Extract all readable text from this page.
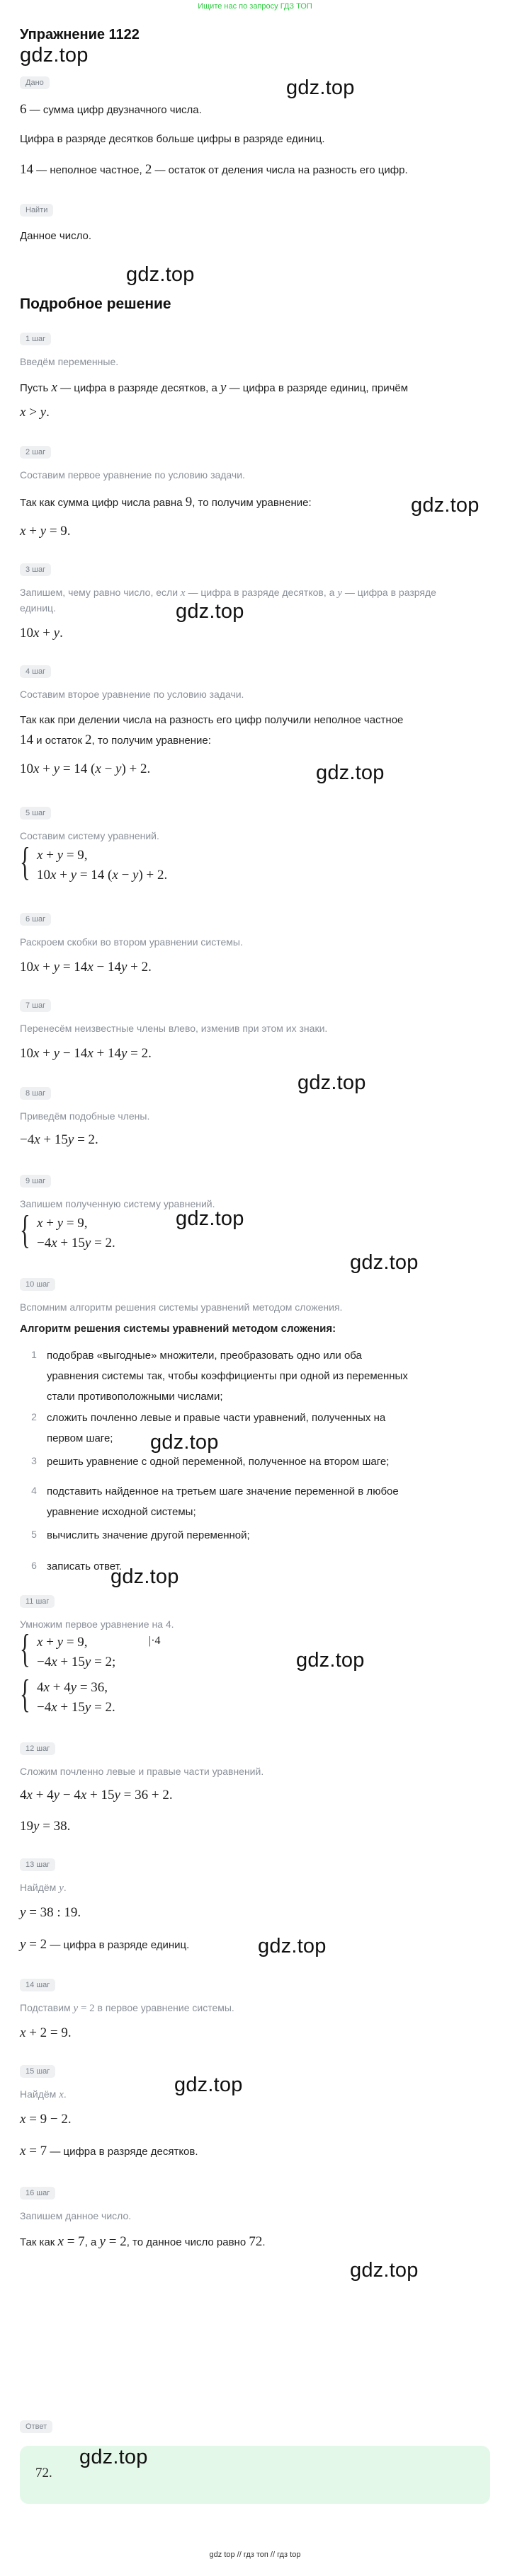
Ищите нас по запросу ГДЗ ТОП
Упражнение 1122
gdz.top
Дано	gdz.top
6 — сумма цифр двузначного числа.
Цифра в разряде десятков больше цифры в разряде единиц.
14 — неполное частное, 2 — остаток от деления числа на разность его цифр.
Найти
Данное число.
gdz.top
Подробное решение
1 шаг
Введём переменные.
Пусть x — цифра в разряде десятков, а y — цифра в разряде единиц, причём
x > y.
2 шаг
Составим первое уравнение по условию задачи.
gdz.top
Так как сумма цифр числа равна 9, то получим уравнение:
x + y = 9.
3 шаг
Запишем, чему равно число, если x — цифра в разряде десятков, а y — цифра в разряде
единиц.	gdz.top
10x + y.
4 шаг
Составим второе уравнение по условию задачи.
Так как при делении числа на разность его цифр получили неполное частное
14 и остаток 2, то получим уравнение:
10x + y = 14 (x − y) + 2.	gdz.top
5 шаг
Составим систему уравнений.
{ x + y = 9,
10x + y = 14 (x − y) + 2.
6 шаг
Раскроем скобки во втором уравнении системы.
10x + y = 14x − 14y + 2.
7 шаг
Перенесём неизвестные члены влево, изменив при этом их знаки.
10x + y − 14x + 14y = 2.
gdz.top
8 шаг
Приведём подобные члены.
−4x + 15y = 2.
9 шаг
Запишем полученную систему уравнений.
gdz.top
{ x + y = 9,
−4x + 15y = 2.
gdz.top
10 шаг
Вспомним алгоритм решения системы уравнений методом сложения.
Алгоритм решения системы уравнений методом сложения:
1 подобрав «выгодные» множители, преобразовать одно или оба
уравнения системы так, чтобы коэффициенты при одной из переменных
стали противоположными числами;
2 сложить почленно левые и правые части уравнений, полученных на
первом шаге;
3 решить уравнение с одной переменной, полученное на втором шаге;
4 подставить найденное на третьем шаге значение переменной в любое
уравнение исходной системы;
5 вычислить значение другой переменной;
6 записать ответ.
gdz.top
gdz.top
11 шаг
Умножим первое уравнение на 4.
{ x + y = 9,	|·4
−4x + 15y = 2;	gdz.top
{ 4x + 4y = 36,
−4x + 15y = 2.
12 шаг
Сложим почленно левые и правые части уравнений.
4x + 4y − 4x + 15y = 36 + 2.
19y = 38.
13 шаг
Найдём y.
y = 38 : 19.
y = 2 — цифра в разряде единиц.	gdz.top
14 шаг
Подставим y = 2 в первое уравнение системы.
x + 2 = 9.
15 шаг
gdz.top
Найдём x.
x = 9 − 2.
x = 7 — цифра в разряде десятков.
16 шаг
Запишем данное число.
Так как x = 7, а y = 2, то данное число равно 72.
gdz.top
Ответ
72.
gdz.top
gdz top // гдз топ // гдз top
